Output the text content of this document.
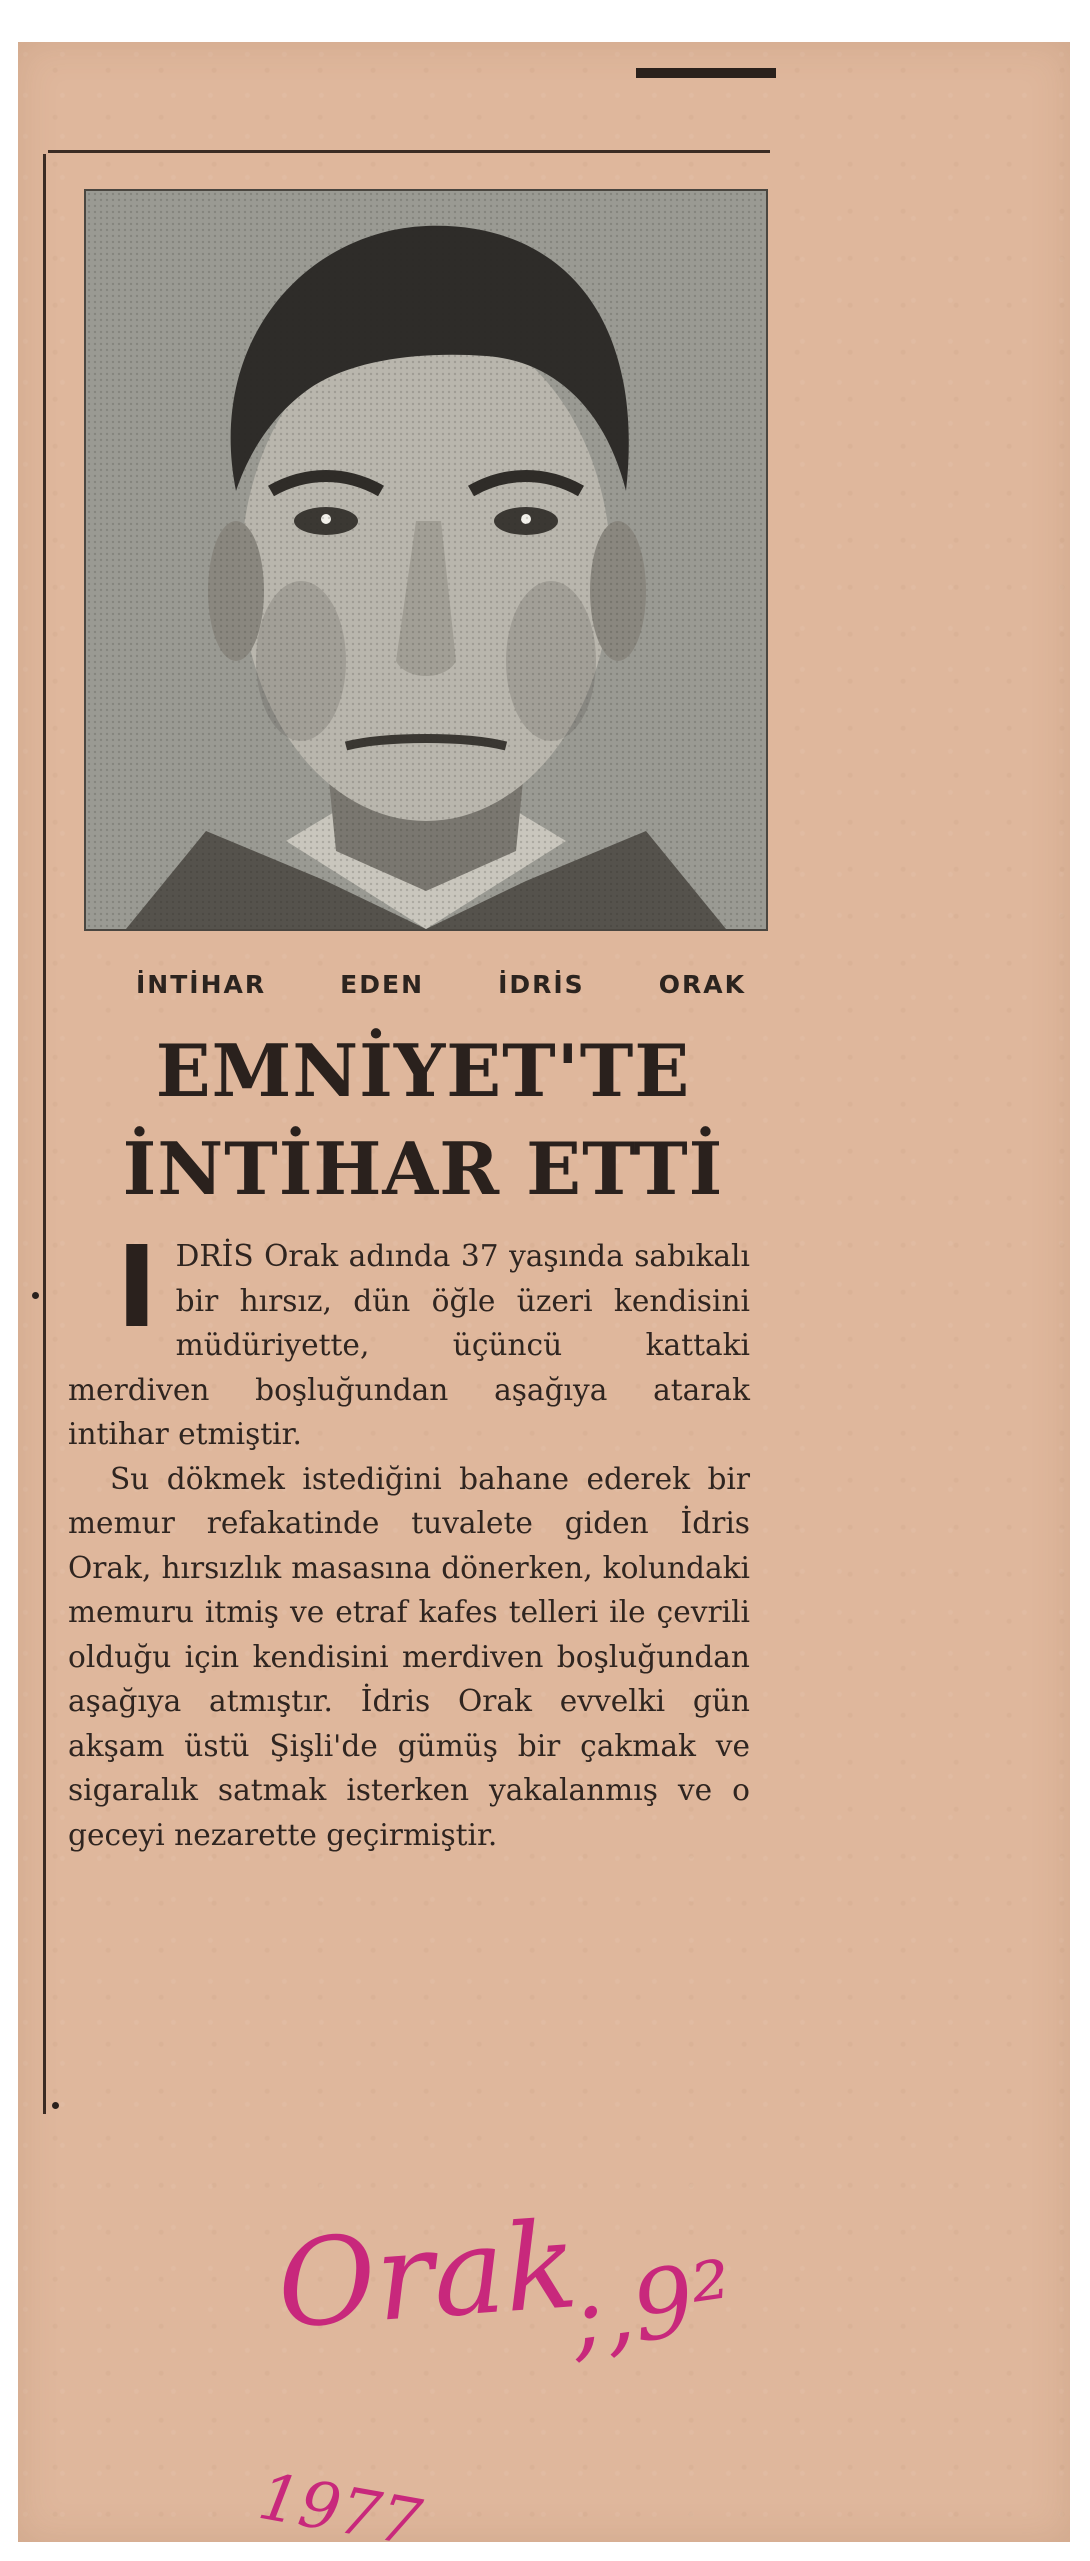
İNTİHAR	EDEN	İDRİS	ORAK
EMNİYET'TE
İNTİHAR ETTİ

I DRİS Orak adında 37 yaşında sabıkalı bir hırsız, dün öğle üzeri kendisini müdüriyette, üçüncü kattaki merdiven boşluğundan aşağıya atarak intihar etmiştir.

Su dökmek istediğini bahane ederek bir memur refakatinde tuvalete giden İdris Orak, hırsızlık masasına dönerken, kolundaki memuru itmiş ve etraf kafes telleri ile çevrili olduğu için kendisini merdiven boşluğundan aşağıya atmıştır. İdris Orak evvelki gün akşam üstü Şişli'de gümüş bir çakmak ve sigaralık satmak isterken yakalanmış ve o geceyi nezarette geçirmiştir.

Orak
;,9²
1977
